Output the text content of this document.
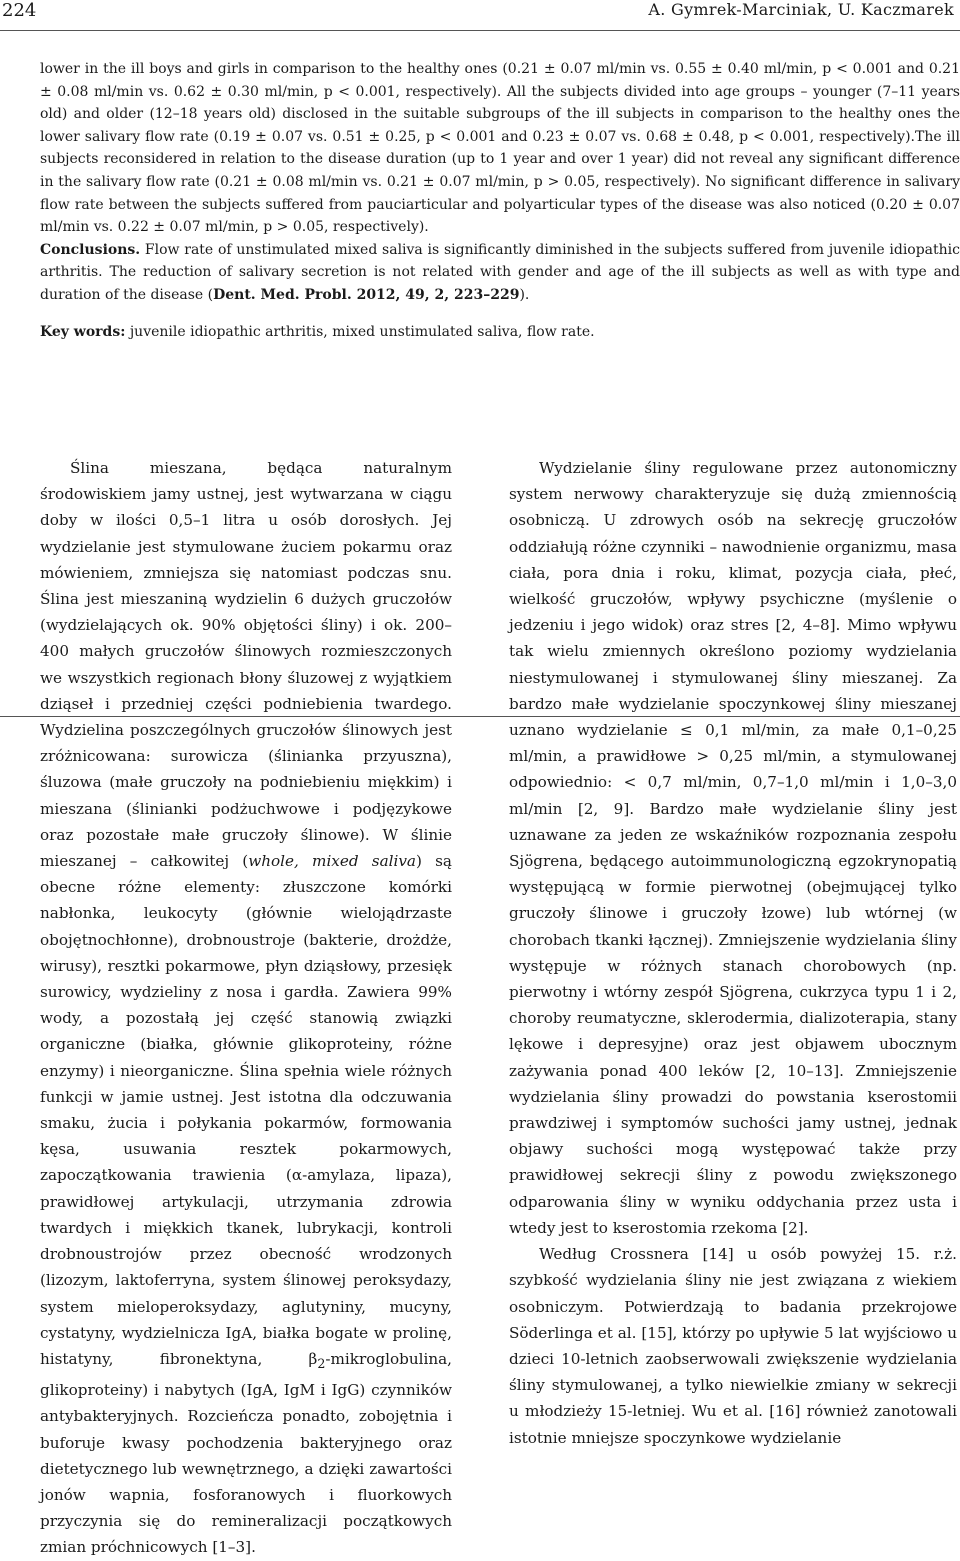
224	A. Gymrek-Marciniak, U. Kaczmarek

lower in the ill boys and girls in comparison to the healthy ones (0.21 ± 0.07 ml/min vs. 0.55 ± 0.40 ml/min, p < 0.001 and 0.21 ± 0.08 ml/min vs. 0.62 ± 0.30 ml/min, p < 0.001, respectively). All the subjects divided into age groups – younger (7–11 years old) and older (12–18 years old) disclosed in the suitable subgroups of the ill subjects in comparison to the healthy ones the lower salivary flow rate (0.19 ± 0.07 vs. 0.51 ± 0.25, p < 0.001 and 0.23 ± 0.07 vs. 0.68 ± 0.48, p < 0.001, respectively).The ill subjects reconsidered in relation to the disease duration (up to 1 year and over 1 year) did not reveal any significant difference in the salivary flow rate (0.21 ± 0.08 ml/min vs. 0.21 ± 0.07 ml/min, p > 0.05, respectively). No significant difference in salivary flow rate between the subjects suffered from pauciarticular and polyarticular types of the disease was also noticed (0.20 ± 0.07 ml/min vs. 0.22 ± 0.07 ml/min, p > 0.05, respectively).

Conclusions. Flow rate of unstimulated mixed saliva is significantly diminished in the subjects suffered from juvenile idiopathic arthritis. The reduction of salivary secretion is not related with gender and age of the ill subjects as well as with type and duration of the disease (Dent. Med. Probl. 2012, 49, 2, 223–229).

Key words: juvenile idiopathic arthritis, mixed unstimulated saliva, flow rate.

Ślina mieszana, będąca naturalnym środowiskiem jamy ustnej, jest wytwarzana w ciągu doby w ilości 0,5–1 litra u osób dorosłych. Jej wydzielanie jest stymulowane żuciem pokarmu oraz mówieniem, zmniejsza się natomiast podczas snu. Ślina jest mieszaniną wydzielin 6 dużych gruczołów (wydzielających ok. 90% objętości śliny) i ok. 200–400 małych gruczołów ślinowych rozmieszczonych we wszystkich regionach błony śluzowej z wyjątkiem dziąseł i przedniej części podniebienia twardego. Wydzielina poszczególnych gruczołów ślinowych jest zróżnicowana: surowicza (ślinianka przyuszna), śluzowa (małe gruczoły na podniebieniu miękkim) i mieszana (ślinianki podżuchwowe i podjęzykowe oraz pozostałe małe gruczoły ślinowe). W ślinie mieszanej – całkowitej (whole, mixed saliva) są obecne różne elementy: złuszczone komórki nabłonka, leukocyty (głównie wielojądrzaste obojętnochłonne), drobnoustroje (bakterie, drożdże, wirusy), resztki pokarmowe, płyn dziąsłowy, przesięk surowicy, wydzieliny z nosa i gardła. Zawiera 99% wody, a pozostałą jej część stanowią związki organiczne (białka, głównie glikoproteiny, różne enzymy) i nieorganiczne. Ślina spełnia wiele różnych funkcji w jamie ustnej. Jest istotna dla odczuwania smaku, żucia i połykania pokarmów, formowania kęsa, usuwania resztek pokarmowych, zapoczątkowania trawienia (α-amylaza, lipaza), prawidłowej artykulacji, utrzymania zdrowia twardych i miękkich tkanek, lubrykacji, kontroli drobnoustrojów przez obecność wrodzonych (lizozym, laktoferryna, system ślinowej peroksydazy, system mieloperoksydazy, aglutyniny, mucyny, cystatyny, wydzielnicza IgA, białka bogate w prolinę, histatyny, fibronektyna, $\beta_2$-mikroglobulina, glikoproteiny) i nabytych (IgA, IgM i IgG) czynników antybakteryjnych. Rozcieńcza ponadto, zobojętnia i buforuje kwasy pochodzenia bakteryjnego oraz dietetycznego lub wewnętrznego, a dzięki zawartości jonów wapnia, fosforanowych i fluorkowych przyczynia się do remineralizacji początkowych zmian próchnicowych [1–3].

Wydzielanie śliny regulowane przez autonomiczny system nerwowy charakteryzuje się dużą zmiennością osobniczą. U zdrowych osób na sekrecję gruczołów oddziałują różne czynniki – nawodnienie organizmu, masa ciała, pora dnia i roku, klimat, pozycja ciała, płeć, wielkość gruczołów, wpływy psychiczne (myślenie o jedzeniu i jego widok) oraz stres [2, 4–8]. Mimo wpływu tak wielu zmiennych określono poziomy wydzielania niestymulowanej i stymulowanej śliny mieszanej. Za bardzo małe wydzielanie spoczynkowej śliny mieszanej uznano wydzielanie ≤ 0,1 ml/min, za małe 0,1–0,25 ml/min, a prawidłowe > 0,25 ml/min, a stymulowanej odpowiednio: < 0,7 ml/min, 0,7–1,0 ml/min i 1,0–3,0 ml/min [2, 9]. Bardzo małe wydzielanie śliny jest uznawane za jeden ze wskaźników rozpoznania zespołu Sjögrena, będącego autoimmunologiczną egzokrynopatią występującą w formie pierwotnej (obejmującej tylko gruczoły ślinowe i gruczoły łzowe) lub wtórnej (w chorobach tkanki łącznej). Zmniejszenie wydzielania śliny występuje w różnych stanach chorobowych (np. pierwotny i wtórny zespół Sjögrena, cukrzyca typu 1 i 2, choroby reumatyczne, sklerodermia, dializoterapia, stany lękowe i depresyjne) oraz jest objawem ubocznym zażywania ponad 400 leków [2, 10–13]. Zmniejszenie wydzielania śliny prowadzi do powstania kserostomii prawdziwej i symptomów suchości jamy ustnej, jednak objawy suchości mogą występować także przy prawidłowej sekrecji śliny z powodu zwiększonego odparowania śliny w wyniku oddychania przez usta i wtedy jest to kserostomia rzekoma [2].

Według Crossnera [14] u osób powyżej 15. r.ż. szybkość wydzielania śliny nie jest związana z wiekiem osobniczym. Potwierdzają to badania przekrojowe Söderlinga et al. [15], którzy po upływie 5 lat wyjściowo u dzieci 10-letnich zaobserwowali zwiększenie wydzielania śliny stymulowanej, a tylko niewielkie zmiany w sekrecji u młodzieży 15-letniej. Wu et al. [16] również zanotowali istotnie mniejsze spoczynkowe wydzielanie
